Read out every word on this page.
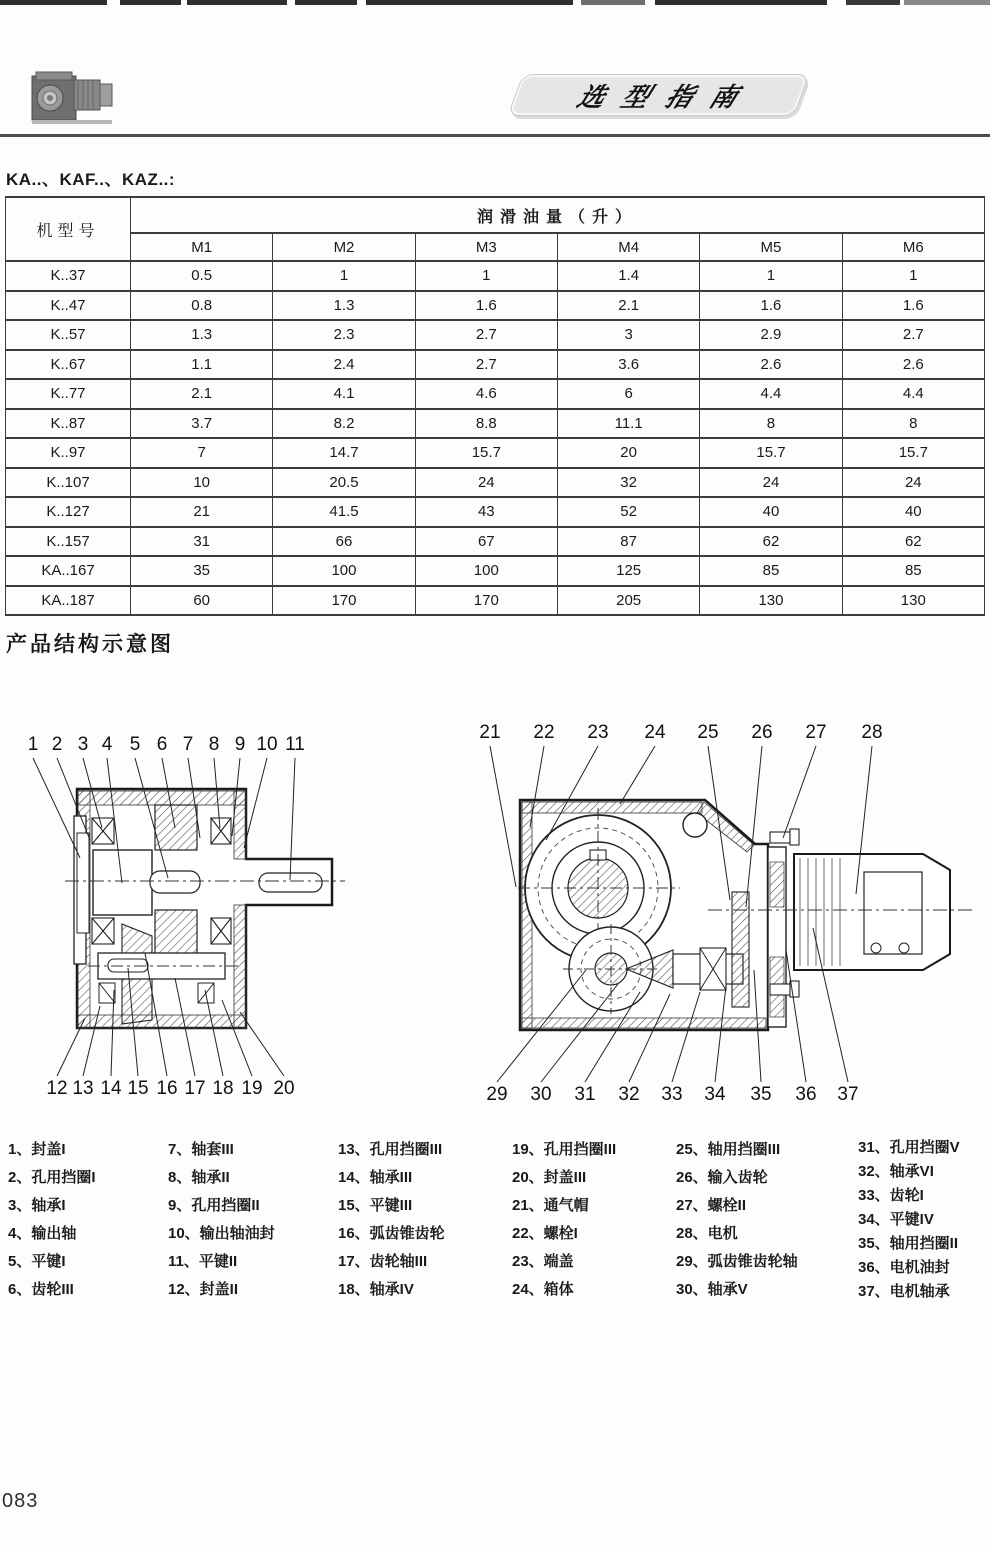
选型指南
KA..、KAF..、KAZ..:
机型号	润滑油量（升）					
	M1	M2	M3	M4	M5	M6
K..37	0.5	1	1	1.4	1	1
K..47	0.8	1.3	1.6	2.1	1.6	1.6
K..57	1.3	2.3	2.7	3	2.9	2.7
K..67	1.1	2.4	2.7	3.6	2.6	2.6
K..77	2.1	4.1	4.6	6	4.4	4.4
K..87	3.7	8.2	8.8	11.1	8	8
K..97	7	14.7	15.7	20	15.7	15.7
K..107	10	20.5	24	32	24	24
K..127	21	41.5	43	52	40	40
K..157	31	66	67	87	62	62
KA..167	35	100	100	125	85	85
KA..187	60	170	170	205	130	130
产品结构示意图
1 2 3 4 5 6 7 8 9 10 11
12 13 14 15 16 17 18 19 20
21 22 23 24 25 26 27 28
29 30 31 32 33 34 35 36 37
1、封盖I
2、孔用挡圈I
3、轴承I
4、输出轴
5、平键I
6、齿轮III
7、轴套III
8、轴承II
9、孔用挡圈II
10、输出轴油封
11、平键II
12、封盖II
13、孔用挡圈III
14、轴承III
15、平键III
16、弧齿锥齿轮
17、齿轮轴III
18、轴承IV
19、孔用挡圈III
20、封盖III
21、通气帽
22、螺栓I
23、端盖
24、箱体
25、轴用挡圈III
26、输入齿轮
27、螺栓II
28、电机
29、弧齿锥齿轮轴
30、轴承V
31、孔用挡圈V
32、轴承VI
33、齿轮I
34、平键IV
35、轴用挡圈II
36、电机油封
37、电机轴承
083
